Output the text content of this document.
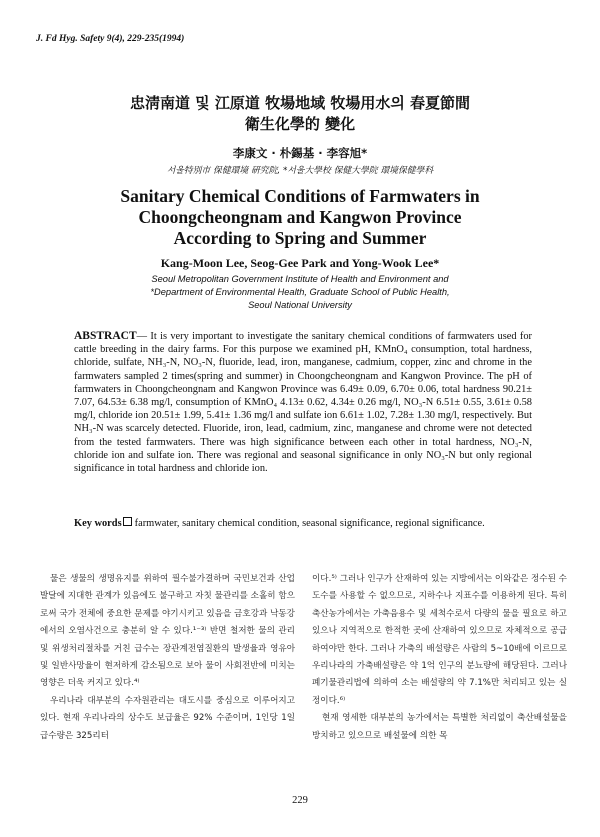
J. Fd Hyg. Safety 9(4), 229-235(1994)
忠淸南道 및 江原道 牧場地域 牧場用水의 春夏節間
衛生化學的 變化
李康文 · 朴錫基 · 李容旭*
서울特別市 保健環境 硏究院, *서울大學校 保健大學院 環境保健學科
Sanitary Chemical Conditions of Farmwaters in
Choongcheongnam and Kangwon Province
According to Spring and Summer
Kang-Moon Lee, Seog-Gee Park and Yong-Wook Lee*
Seoul Metropolitan Government Institute of Health and Environment and
*Department of Environmental Health, Graduate School of Public Health,
Seoul National University
ABSTRACT— It is very important to investigate the sanitary chemical conditions of farmwaters used for cattle breeding in the dairy farms. For this purpose we examined pH, KMnO₄ consumption, total hardness, chloride, sulfate, NH₃-N, NO₃-N, fluoride, lead, iron, manganese, cadmium, copper, zinc and chrome in the farmwaters sampled 2 times(spring and summer) in Choongcheongnam and Kangwon Province. The pH of farmwaters in Choongcheongnam and Kangwon Province was 6.49± 0.09, 6.70± 0.06, total hardness 90.21± 7.07, 64.53± 6.38 mg/l, consumption of KMnO₄ 4.13± 0.62, 4.34± 0.26 mg/l, NO₃-N 6.51± 0.55, 3.61± 0.58 mg/l, chloride ion 20.51± 1.99, 5.41± 1.36 mg/l and sulfate ion 6.61± 1.02, 7.28± 1.30 mg/l, respectively. But NH₃-N was scarcely detected. Fluoride, iron, lead, cadmium, zinc, manganese and chrome were not detected from the tested farmwaters. There was high significance between each other in total hardness, NO₃-N, chloride ion and sulfate ion. There was regional and seasonal significance in only NO₃-N but only regional significance in total hardness and chloride ion.
Key words farmwater, sanitary chemical condition, seasonal significance, regional significance.

물은 생물의 생명유지를 위하여 필수불가결하며 국민보건과 산업발달에 지대한 관계가 있음에도 불구하고 자칫 물관리를 소홀히 함으로써 국가 전체에 중요한 문제를 야기시키고 있음을 금호강과 낙동강에서의 오염사건으로 충분히 알 수 있다.¹⁻³⁾ 반면 철저한 물의 관리 및 위생처리절차를 거친 급수는 장관계전염질환의 발생율과 영유아 및 일반사망율이 현저하게 감소됨으로 보아 물이 사회전반에 미치는 영향은 더욱 커지고 있다.⁴⁾

우리나라 대부분의 수자원관리는 대도시를 중심으로 이루어지고 있다. 현재 우리나라의 상수도 보급율은 92% 수준이며, 1인당 1일급수량은 325리터

이다.⁵⁾ 그러나 인구가 산재하여 있는 지방에서는 이와같은 정수된 수도수를 사용할 수 없으므로, 지하수나 지표수를 이용하게 된다. 특히 축산농가에서는 가축음용수 및 세척수로서 다량의 물을 필요로 하고 있으나 지역적으로 한적한 곳에 산재하여 있으므로 자체적으로 공급하여야만 한다. 그러나 가축의 배설량은 사람의 5~10배에 이르므로 우리나라의 가축배설량은 약 1억 인구의 분뇨량에 해당된다. 그러나 폐기물관리법에 의하여 소는 배설량의 약 7.1%만 처리되고 있는 실정이다.⁶⁾

현재 영세한 대부분의 농가에서는 특별한 처리없이 축산배설물을 방치하고 있으므로 배설물에 의한 목

229
